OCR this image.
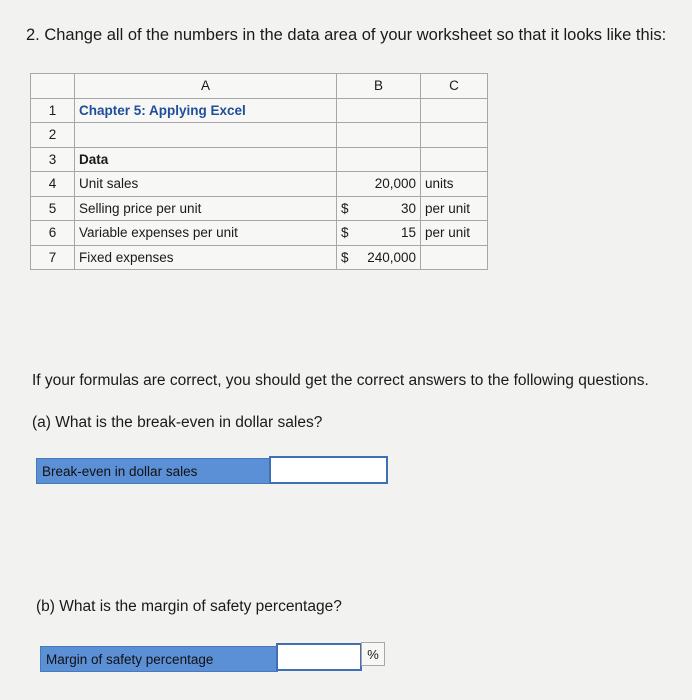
2. Change all of the numbers in the data area of your worksheet so that it looks like this:
	A	B	C
1	Chapter 5: Applying Excel		
2			
3	Data		
4	Unit sales	20,000	units
5	Selling price per unit	$ 30	per unit
6	Variable expenses per unit	$ 15	per unit
7	Fixed expenses	$ 240,000	

If your formulas are correct, you should get the correct answers to the following questions.
(a) What is the break-even in dollar sales?
Break-even in dollar sales
(b) What is the margin of safety percentage?
Margin of safety percentage	%
